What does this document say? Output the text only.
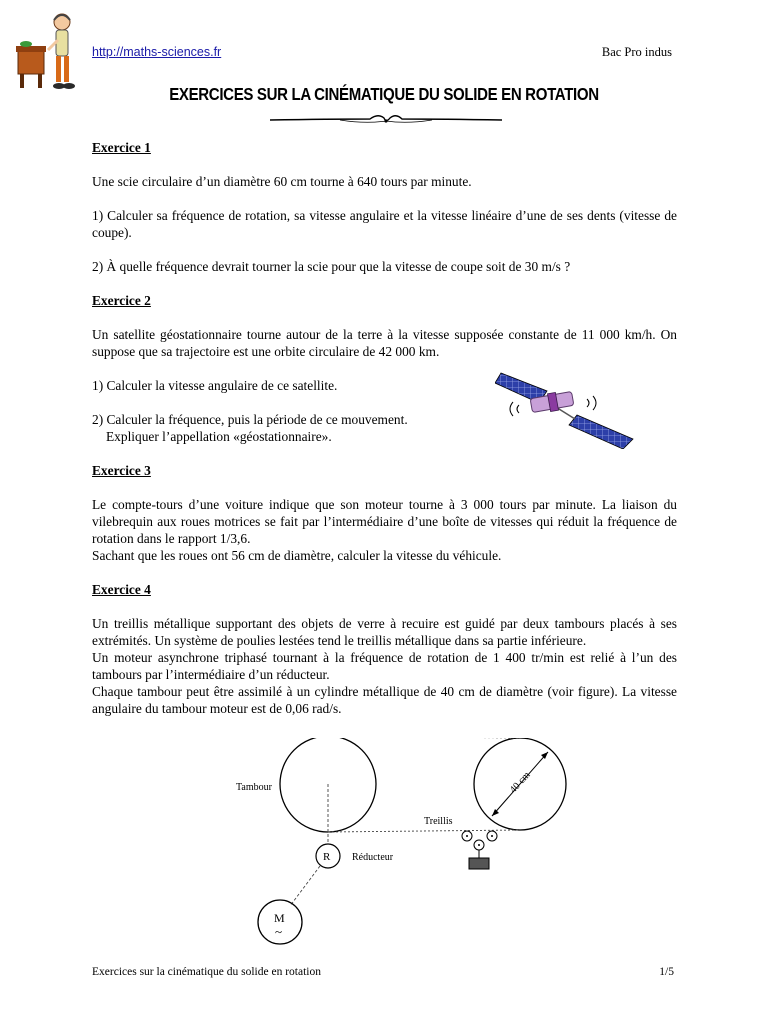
http://maths-sciences.fr	Bac Pro indus
EXERCICES SUR LA CINÉMATIQUE DU SOLIDE EN ROTATION

Exercice 1

Une scie circulaire d’un diamètre 60 cm tourne à 640 tours par minute.

1) Calculer sa fréquence de rotation, sa vitesse angulaire et la vitesse linéaire d’une de ses dents (vitesse de coupe).

2) À quelle fréquence devrait tourner la scie pour que la vitesse de coupe soit de 30 m/s ?

Exercice 2

Un satellite géostationnaire tourne autour de la terre à la vitesse supposée constante de 11 000 km/h. On suppose que sa trajectoire est une orbite circulaire de 42 000 km.

1) Calculer la vitesse angulaire de ce satellite.

2) Calculer la fréquence, puis la période de ce mouvement.

Expliquer l’appellation «géostationnaire».

Exercice 3

Le compte-tours d’une voiture indique que son moteur tourne à 3 000 tours par minute. La liaison du vilebrequin aux roues motrices se fait par l’intermédiaire d’une boîte de vitesses qui réduit la fréquence de rotation dans le rapport 1/3,6.

Sachant que les roues ont 56 cm de diamètre, calculer la vitesse du véhicule.

Exercice 4

Un treillis métallique supportant des objets de verre à recuire est guidé par deux tambours placés à ses extrémités. Un système de poulies lestées tend le treillis métallique dans sa partie inférieure.

Un moteur asynchrone triphasé tournant à la fréquence de rotation de 1 400 tr/min est relié à l’un des tambours par l’intermédiaire d’un réducteur.

Chaque tambour peut être assimilé à un cylindre métallique de 40 cm de diamètre (voir figure). La vitesse angulaire du tambour moteur est de 0,06 rad/s.

40 cm
Tambour
Treillis
Réducteur
R
M
~
Exercices sur la cinématique du solide en rotation	1/5
